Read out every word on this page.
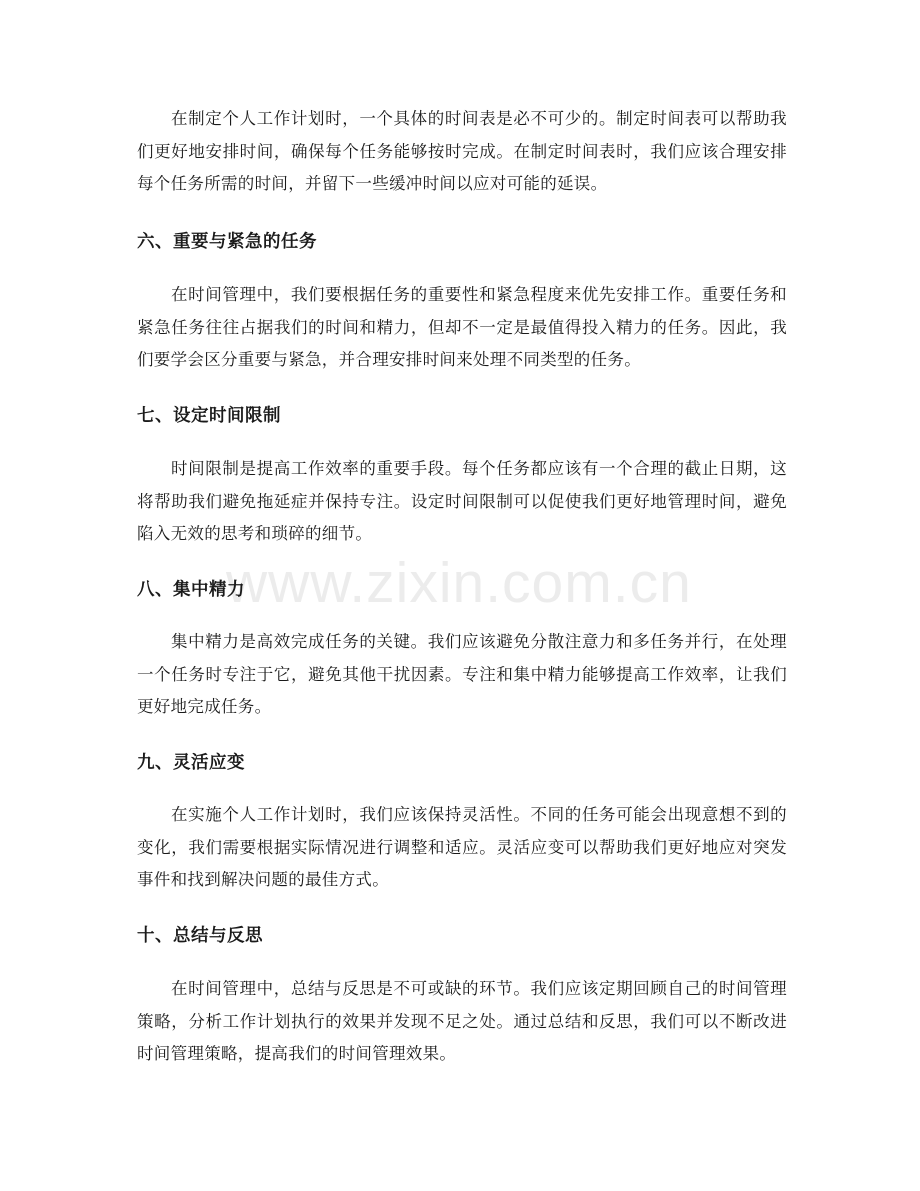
www.zixin.com.cn

在制定个人工作计划时，一个具体的时间表是必不可少的。制定时间表可以帮助我们更好地安排时间，确保每个任务能够按时完成。在制定时间表时，我们应该合理安排每个任务所需的时间，并留下一些缓冲时间以应对可能的延误。

六、重要与紧急的任务

在时间管理中，我们要根据任务的重要性和紧急程度来优先安排工作。重要任务和紧急任务往往占据我们的时间和精力，但却不一定是最值得投入精力的任务。因此，我们要学会区分重要与紧急，并合理安排时间来处理不同类型的任务。

七、设定时间限制

时间限制是提高工作效率的重要手段。每个任务都应该有一个合理的截止日期，这将帮助我们避免拖延症并保持专注。设定时间限制可以促使我们更好地管理时间，避免陷入无效的思考和琐碎的细节。

八、集中精力

集中精力是高效完成任务的关键。我们应该避免分散注意力和多任务并行，在处理一个任务时专注于它，避免其他干扰因素。专注和集中精力能够提高工作效率，让我们更好地完成任务。

九、灵活应变

在实施个人工作计划时，我们应该保持灵活性。不同的任务可能会出现意想不到的变化，我们需要根据实际情况进行调整和适应。灵活应变可以帮助我们更好地应对突发事件和找到解决问题的最佳方式。

十、总结与反思

在时间管理中，总结与反思是不可或缺的环节。我们应该定期回顾自己的时间管理策略，分析工作计划执行的效果并发现不足之处。通过总结和反思，我们可以不断改进时间管理策略，提高我们的时间管理效果。
